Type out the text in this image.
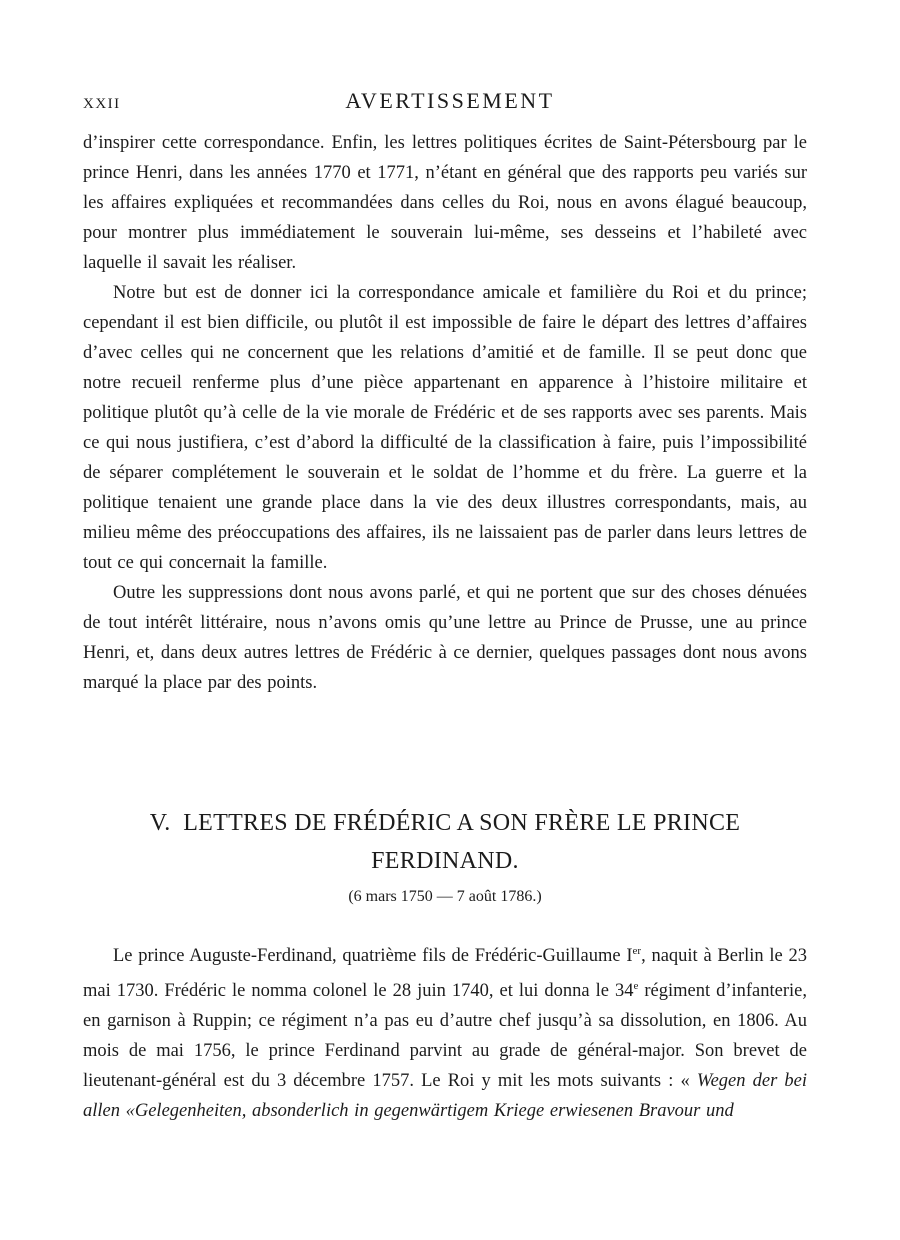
XXII	AVERTISSEMENT

d’inspirer cette correspondance. Enfin, les lettres politiques écrites de Saint-Pétersbourg par le prince Henri, dans les années 1770 et 1771, n’étant en général que des rapports peu variés sur les affaires expliquées et recommandées dans celles du Roi, nous en avons élagué beaucoup, pour montrer plus immédiatement le souverain lui-même, ses desseins et l’habileté avec laquelle il savait les réaliser.

Notre but est de donner ici la correspondance amicale et familière du Roi et du prince; cependant il est bien difficile, ou plutôt il est impossible de faire le départ des lettres d’affaires d’avec celles qui ne concernent que les relations d’amitié et de famille. Il se peut donc que notre recueil renferme plus d’une pièce appartenant en apparence à l’histoire militaire et politique plutôt qu’à celle de la vie morale de Frédéric et de ses rapports avec ses parents. Mais ce qui nous justifiera, c’est d’abord la difficulté de la classification à faire, puis l’impossibilité de séparer complétement le souverain et le soldat de l’homme et du frère. La guerre et la politique tenaient une grande place dans la vie des deux illustres correspondants, mais, au milieu même des préoccupations des affaires, ils ne laissaient pas de parler dans leurs lettres de tout ce qui concernait la famille.

Outre les suppressions dont nous avons parlé, et qui ne portent que sur des choses dénuées de tout intérêt littéraire, nous n’avons omis qu’une lettre au Prince de Prusse, une au prince Henri, et, dans deux autres lettres de Frédéric à ce dernier, quelques passages dont nous avons marqué la place par des points.

V.  LETTRES DE FRÉDÉRIC A SON FRÈRE LE PRINCE
FERDINAND.
(6 mars 1750 — 7 août 1786.)

Le prince Auguste-Ferdinand, quatrième fils de Frédéric-Guillaume Ier, naquit à Berlin le 23 mai 1730. Frédéric le nomma colonel le 28 juin 1740, et lui donna le 34e régiment d’infanterie, en garnison à Ruppin; ce régiment n’a pas eu d’autre chef jusqu’à sa dissolution, en 1806. Au mois de mai 1756, le prince Ferdinand parvint au grade de général-major. Son brevet de lieutenant-général est du 3 décembre 1757. Le Roi y mit les mots suivants : « Wegen der bei allen «Gelegenheiten, absonderlich in gegenwärtigem Kriege erwiesenen Bravour und
